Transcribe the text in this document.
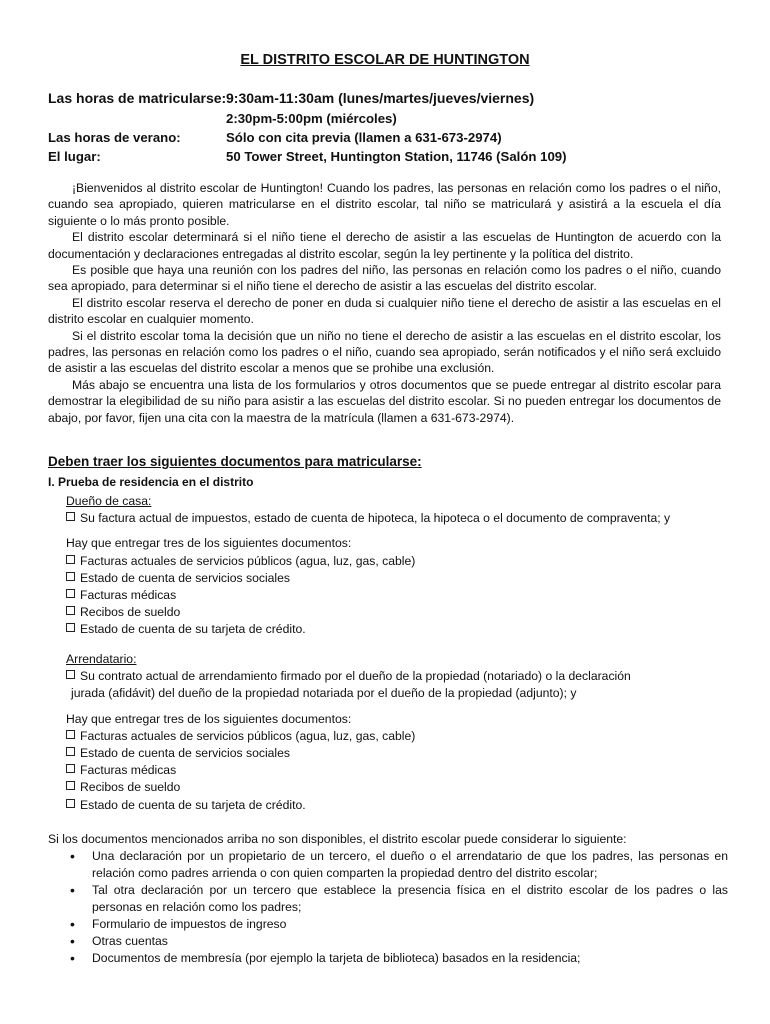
EL DISTRITO ESCOLAR DE HUNTINGTON
Las horas de matricularse: 9:30am-11:30am (lunes/martes/jueves/viernes)
2:30pm-5:00pm (miércoles)
Las horas de verano:	Sólo con cita previa (llamen a 631-673-2974)
El lugar:	50 Tower Street, Huntington Station, 11746 (Salón 109)

¡Bienvenidos al distrito escolar de Huntington! Cuando los padres, las personas en relación como los padres o el niño, cuando sea apropiado, quieren matricularse en el distrito escolar, tal niño se matriculará y asistirá a la escuela el día siguiente o lo más pronto posible.

El distrito escolar determinará si el niño tiene el derecho de asistir a las escuelas de Huntington de acuerdo con la documentación y declaraciones entregadas al distrito escolar, según la ley pertinente y la política del distrito.

Es posible que haya una reunión con los padres del niño, las personas en relación como los padres o el niño, cuando sea apropiado, para determinar si el niño tiene el derecho de asistir a las escuelas del distrito escolar.

El distrito escolar reserva el derecho de poner en duda si cualquier niño tiene el derecho de asistir a las escuelas en el distrito escolar en cualquier momento.

Si el distrito escolar toma la decisión que un niño no tiene el derecho de asistir a las escuelas en el distrito escolar, los padres, las personas en relación como los padres o el niño, cuando sea apropiado, serán notificados y el niño será excluido de asistir a las escuelas del distrito escolar a menos que se prohibe una exclusión.

Más abajo se encuentra una lista de los formularios y otros documentos que se puede entregar al distrito escolar para demostrar la elegibilidad de su niño para asistir a las escuelas del distrito escolar. Si no pueden entregar los documentos de abajo, por favor, fijen una cita con la maestra de la matrícula (llamen a 631-673-2974).

Deben traer los siguientes documentos para matricularse:
I. Prueba de residencia en el distrito
Dueño de casa:
Su factura actual de impuestos, estado de cuenta de hipoteca, la hipoteca o el documento de compraventa; y
Hay que entregar tres de los siguientes documentos:
Facturas actuales de servicios públicos (agua, luz, gas, cable)
Estado de cuenta de servicios sociales
Facturas médicas
Recibos de sueldo
Estado de cuenta de su tarjeta de crédito.
Arrendatario:
Su contrato actual de arrendamiento firmado por el dueño de la propiedad (notariado) o la declaración
jurada (afidávit) del dueño de la propiedad notariada por el dueño de la propiedad (adjunto); y
Hay que entregar tres de los siguientes documentos:
Facturas actuales de servicios públicos (agua, luz, gas, cable)
Estado de cuenta de servicios sociales
Facturas médicas
Recibos de sueldo
Estado de cuenta de su tarjeta de crédito.
Si los documentos mencionados arriba no son disponibles, el distrito escolar puede considerar lo siguiente:
• Una declaración por un propietario de un tercero, el dueño o el arrendatario de que los padres, las personas en relación como padres arrienda o con quien comparten la propiedad dentro del distrito escolar;
• Tal otra declaración por un tercero que establece la presencia física en el distrito escolar de los padres o las personas en relación como los padres;
• Formulario de impuestos de ingreso
• Otras cuentas
• Documentos de membresía (por ejemplo la tarjeta de biblioteca) basados en la residencia;
